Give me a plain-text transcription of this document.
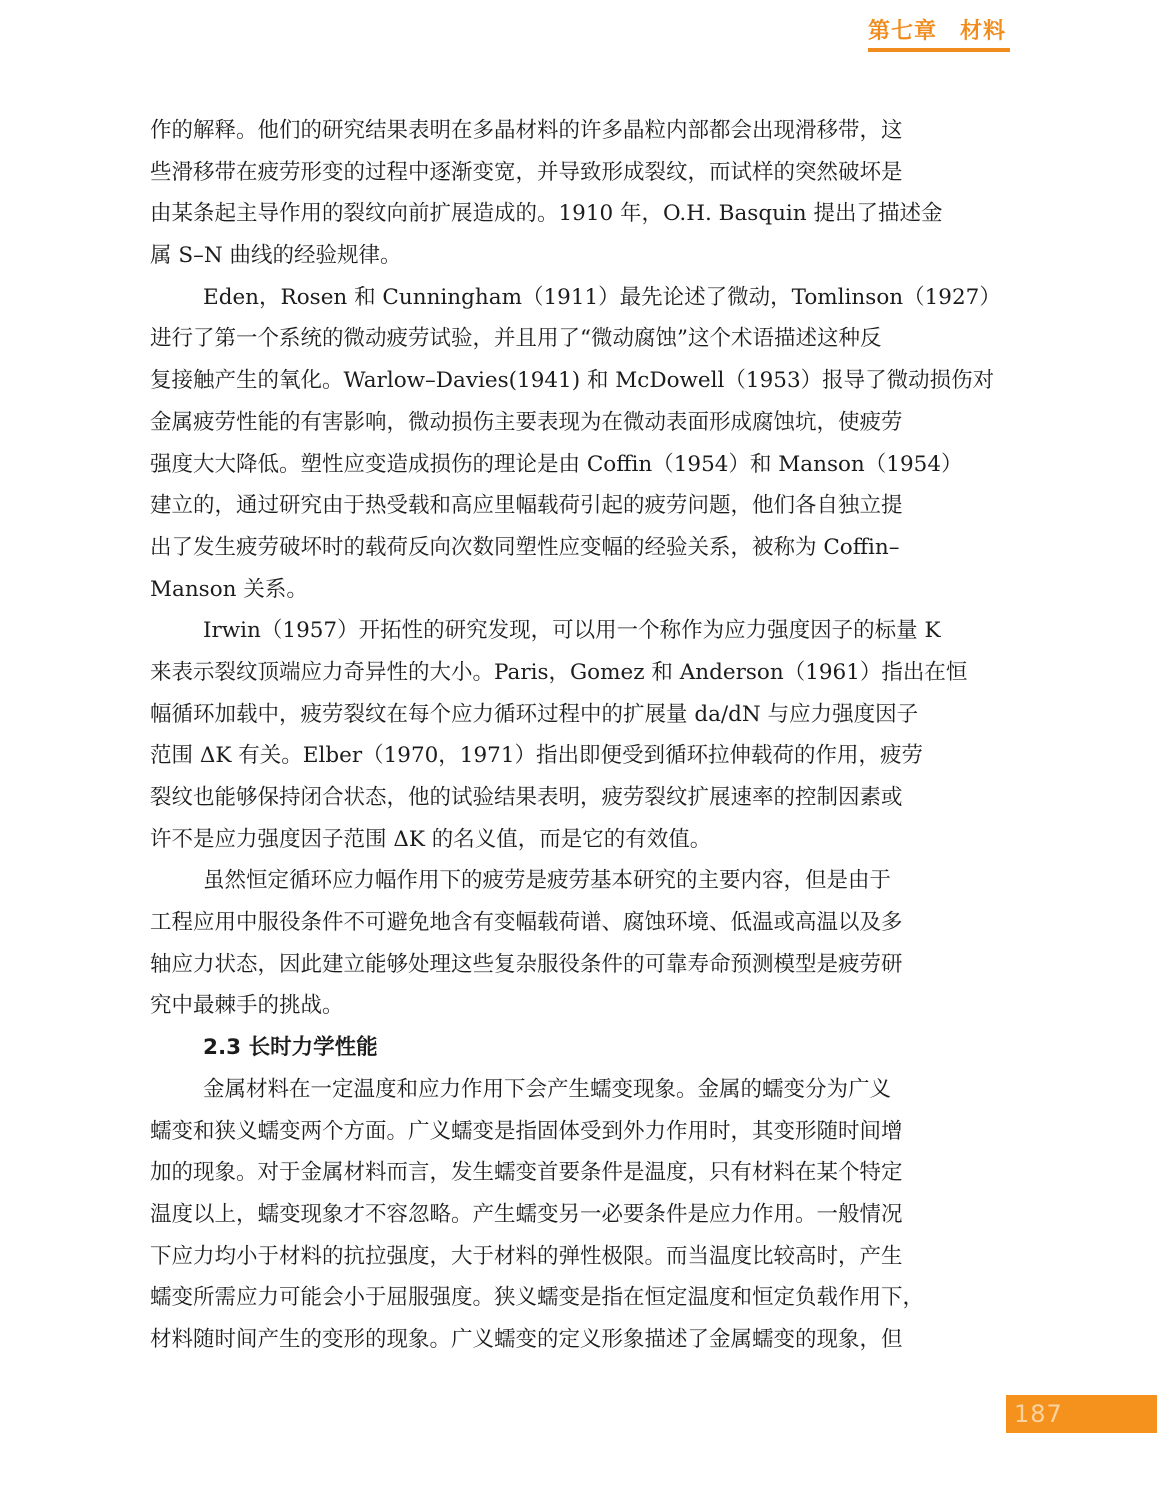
第七章　材料

作的解释。他们的研究结果表明在多晶材料的许多晶粒内部都会出现滑移带，这
些滑移带在疲劳形变的过程中逐渐变宽，并导致形成裂纹，而试样的突然破坏是
由某条起主导作用的裂纹向前扩展造成的。1910 年，O.H. Basquin 提出了描述金
属 S–N 曲线的经验规律。

Eden，Rosen 和 Cunningham（1911）最先论述了微动，Tomlinson（1927）
进行了第一个系统的微动疲劳试验，并且用了“微动腐蚀”这个术语描述这种反
复接触产生的氧化。Warlow–Davies(1941) 和 McDowell（1953）报导了微动损伤对
金属疲劳性能的有害影响，微动损伤主要表现为在微动表面形成腐蚀坑，使疲劳
强度大大降低。塑性应变造成损伤的理论是由 Coffin（1954）和 Manson（1954）
建立的，通过研究由于热受载和高应里幅载荷引起的疲劳问题，他们各自独立提
出了发生疲劳破坏时的载荷反向次数同塑性应变幅的经验关系，被称为 Coffin–
Manson 关系。

Irwin（1957）开拓性的研究发现，可以用一个称作为应力强度因子的标量 K
来表示裂纹顶端应力奇异性的大小。Paris，Gomez 和 Anderson（1961）指出在恒
幅循环加载中，疲劳裂纹在每个应力循环过程中的扩展量 da/dN 与应力强度因子
范围 ΔK 有关。Elber（1970，1971）指出即便受到循环拉伸载荷的作用，疲劳
裂纹也能够保持闭合状态，他的试验结果表明，疲劳裂纹扩展速率的控制因素或
许不是应力强度因子范围 ΔK 的名义值，而是它的有效值。

虽然恒定循环应力幅作用下的疲劳是疲劳基本研究的主要内容，但是由于
工程应用中服役条件不可避免地含有变幅载荷谱、腐蚀环境、低温或高温以及多
轴应力状态，因此建立能够处理这些复杂服役条件的可靠寿命预测模型是疲劳研
究中最棘手的挑战。

2.3 长时力学性能

金属材料在一定温度和应力作用下会产生蠕变现象。金属的蠕变分为广义
蠕变和狭义蠕变两个方面。广义蠕变是指固体受到外力作用时，其变形随时间增
加的现象。对于金属材料而言，发生蠕变首要条件是温度，只有材料在某个特定
温度以上，蠕变现象才不容忽略。产生蠕变另一必要条件是应力作用。一般情况
下应力均小于材料的抗拉强度，大于材料的弹性极限。而当温度比较高时，产生
蠕变所需应力可能会小于屈服强度。狭义蠕变是指在恒定温度和恒定负载作用下，
材料随时间产生的变形的现象。广义蠕变的定义形象描述了金属蠕变的现象，但

187
